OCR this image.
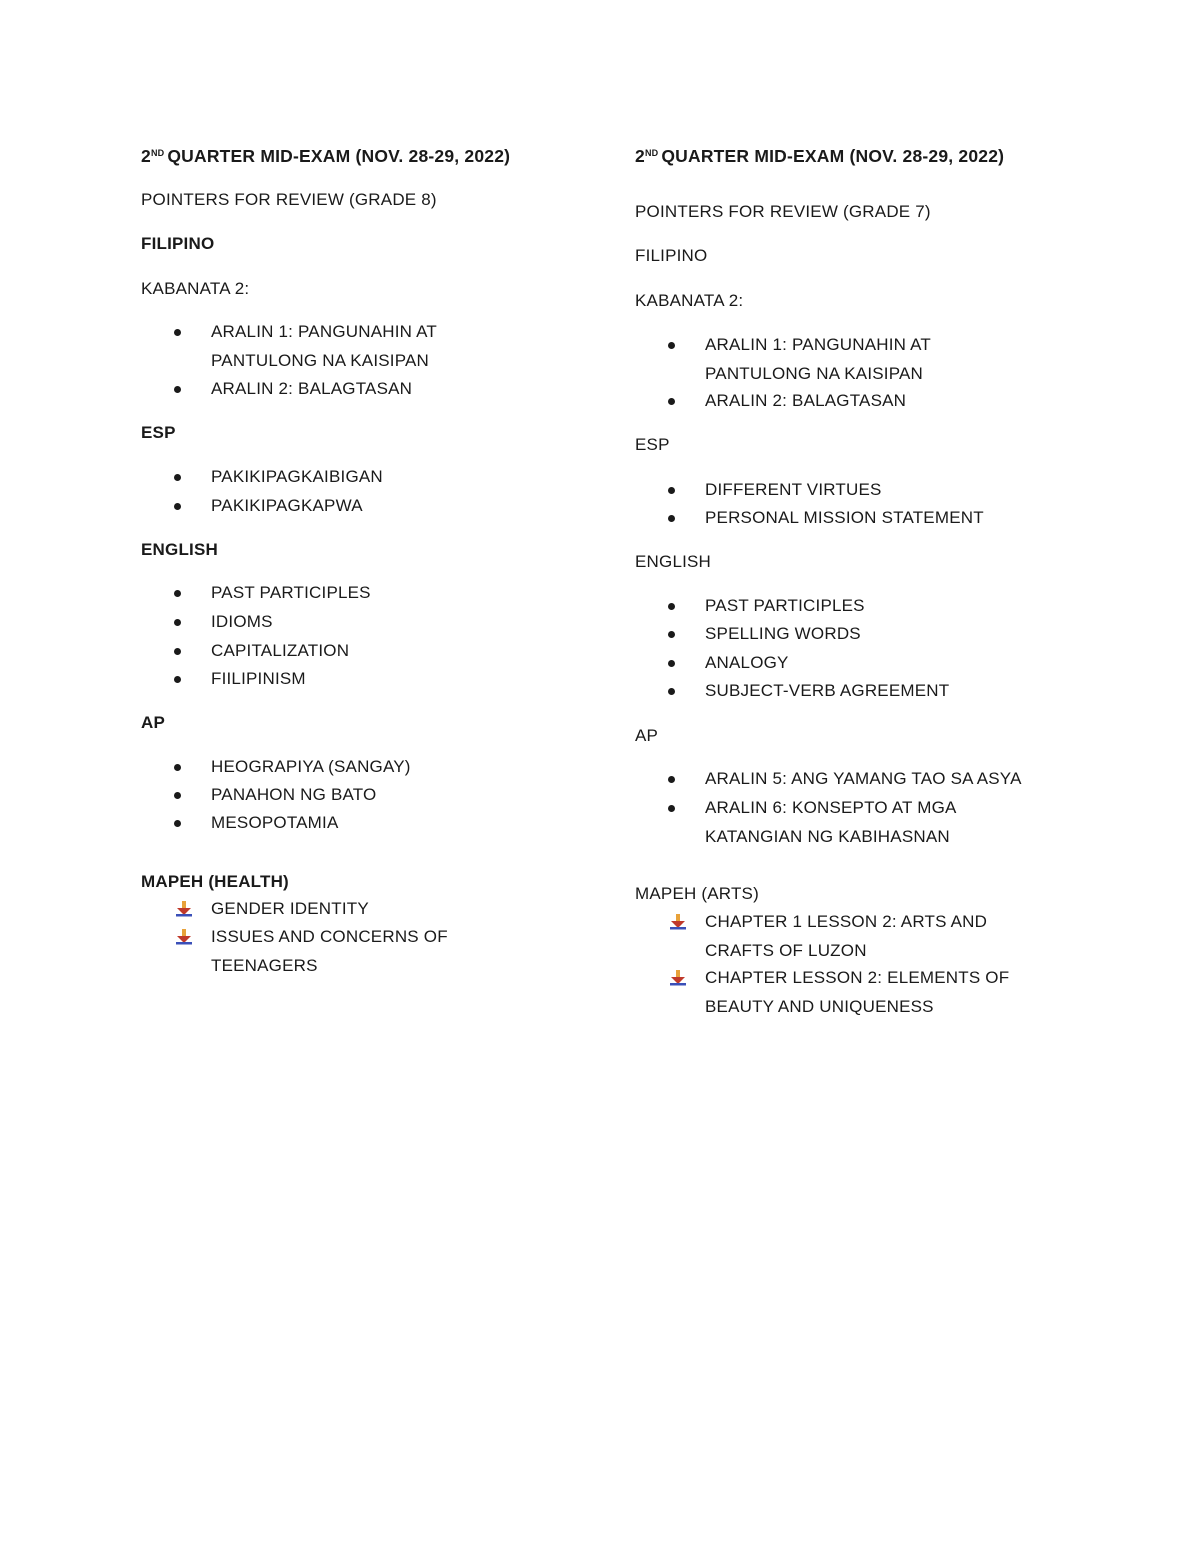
2ND QUARTER MID-EXAM (NOV. 28-29, 2022)
POINTERS FOR REVIEW (GRADE 8)
FILIPINO
KABANATA 2:
ARALIN 1: PANGUNAHIN AT PANTULONG NA KAISIPAN
ARALIN 2: BALAGTASAN
ESP
PAKIKIPAGKAIBIGAN
PAKIKIPAGKAPWA
ENGLISH
PAST PARTICIPLES
IDIOMS
CAPITALIZATION
FIILIPINISM
AP
HEOGRAPIYA (SANGAY)
PANAHON NG BATO
MESOPOTAMIA
MAPEH (HEALTH)
GENDER IDENTITY
ISSUES AND CONCERNS OF TEENAGERS
2ND QUARTER MID-EXAM (NOV. 28-29, 2022)
POINTERS FOR REVIEW (GRADE 7)
FILIPINO
KABANATA 2:
ARALIN 1: PANGUNAHIN AT PANTULONG NA KAISIPAN
ARALIN 2: BALAGTASAN
ESP
DIFFERENT VIRTUES
PERSONAL MISSION STATEMENT
ENGLISH
PAST PARTICIPLES
SPELLING WORDS
ANALOGY
SUBJECT-VERB AGREEMENT
AP
ARALIN 5: ANG YAMANG TAO SA ASYA
ARALIN 6: KONSEPTO AT MGA KATANGIAN NG KABIHASNAN
MAPEH (ARTS)
CHAPTER 1 LESSON 2: ARTS AND CRAFTS OF LUZON
CHAPTER LESSON 2: ELEMENTS OF BEAUTY AND UNIQUENESS
